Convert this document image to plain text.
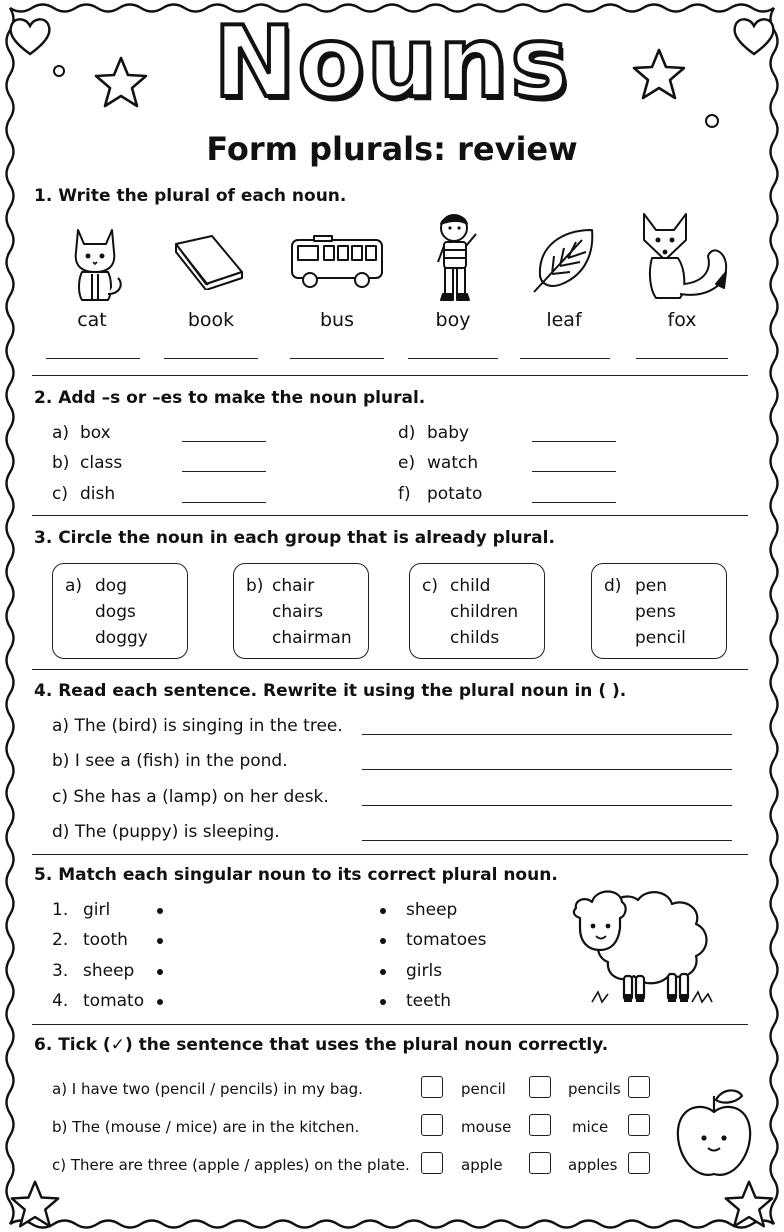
Nouns
Form plurals: review
1. Write the plural of each noun.
cat	book	bus	boy	leaf	fox
2. Add –s or –es to make the noun plural.
a) box
b) class
c) dish
d) baby
e) watch
f) potato
3. Circle the noun in each group that is already plural.
a) dog
dogs
doggy
b) chair
chairs
chairman
c) child
children
childs
d) pen
pens
pencil
4. Read each sentence. Rewrite it using the plural noun in ( ).
a) The (bird) is singing in the tree.
b) I see a (fish) in the pond.
c) She has a (lamp) on her desk.
d) The (puppy) is sleeping.
5. Match each singular noun to its correct plural noun.
1. girl
2. tooth
3. sheep
4. tomato
sheep
tomatoes
girls
teeth
6. Tick (✓) the sentence that uses the plural noun correctly.
a) I have two (pencil / pencils) in my bag.	pencil	pencils
b) The (mouse / mice) are in the kitchen.	mouse	mice
c) There are three (apple / apples) on the plate.	apple	apples
